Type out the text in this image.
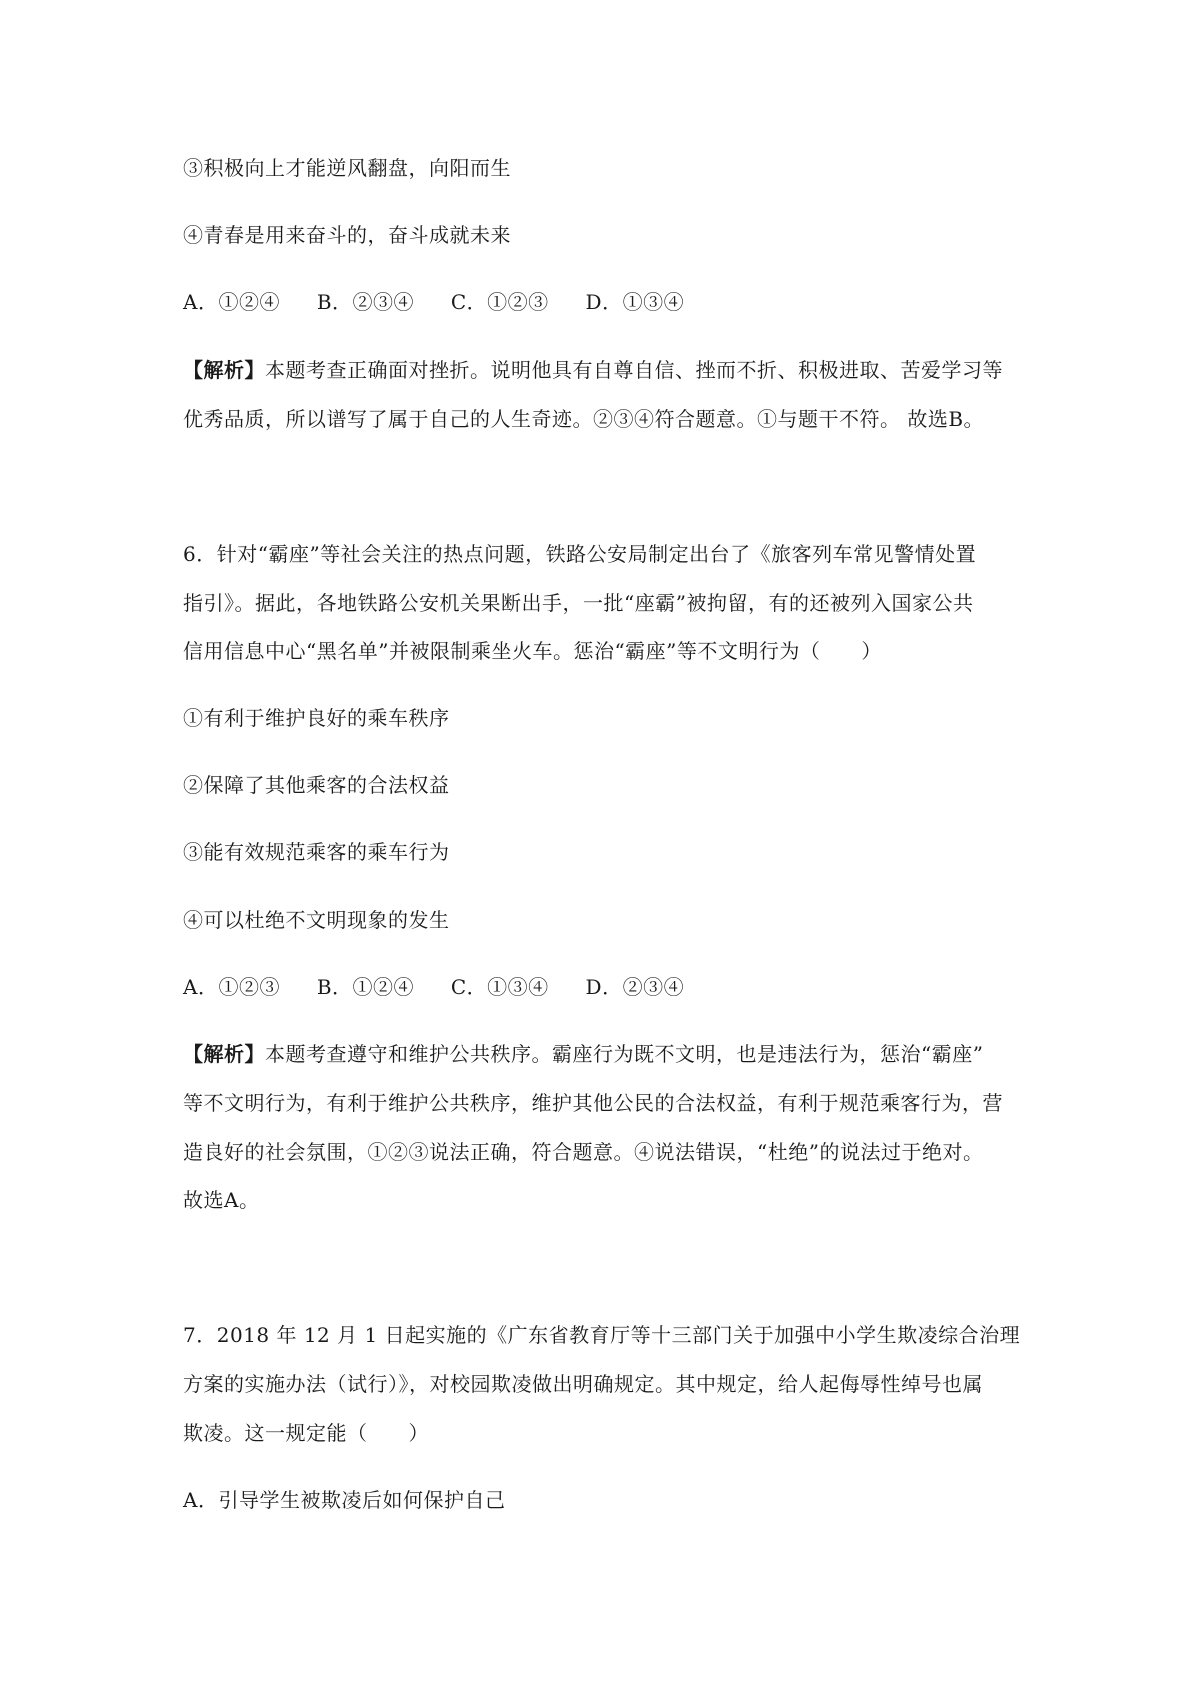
③积极向上才能逆风翻盘，向阳而生
④青春是用来奋斗的，奋斗成就未来
A．①②④ B．②③④ C．①②③ D．①③④
【解析】本题考查正确面对挫折。说明他具有自尊自信、挫而不折、积极进取、苦爱学习等
优秀品质，所以谱写了属于自己的人生奇迹。②③④符合题意。①与题干不符。 故选B。
6．针对“霸座”等社会关注的热点问题，铁路公安局制定出台了《旅客列车常见警情处置
指引》。据此，各地铁路公安机关果断出手，一批“座霸”被拘留，有的还被列入国家公共
信用信息中心“黑名单”并被限制乘坐火车。惩治“霸座”等不文明行为（　　）
①有利于维护良好的乘车秩序
②保障了其他乘客的合法权益
③能有效规范乘客的乘车行为
④可以杜绝不文明现象的发生
A．①②③ B．①②④ C．①③④ D．②③④
【解析】本题考查遵守和维护公共秩序。霸座行为既不文明，也是违法行为，惩治“霸座”
等不文明行为，有利于维护公共秩序，维护其他公民的合法权益，有利于规范乘客行为，营
造良好的社会氛围，①②③说法正确，符合题意。④说法错误，“杜绝”的说法过于绝对。
故选A。
7．2018 年 12 月 1 日起实施的《广东省教育厅等十三部门关于加强中小学生欺凌综合治理
方案的实施办法（试行）》，对校园欺凌做出明确规定。其中规定，给人起侮辱性绰号也属
欺凌。这一规定能（　　）
A．引导学生被欺凌后如何保护自己
